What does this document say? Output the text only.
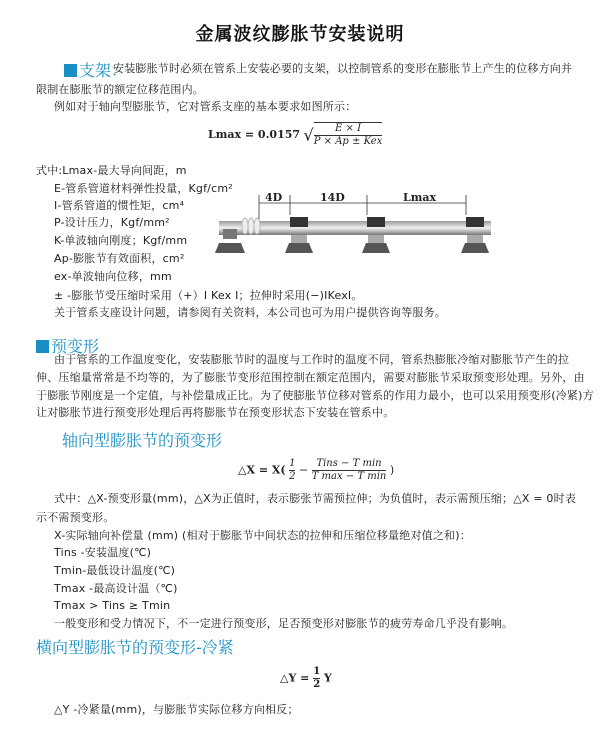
金属波纹膨胀节安装说明
支架：
安装膨胀节时必须在管系上安装必要的支架，以控制管系的变形在膨胀节上产生的位移方向并
限制在膨胀节的额定位移范围内。
例如对于轴向型膨胀节，它对管系支座的基本要求如图所示：
Lmax = 0.0157 √	E × I
P × Ap ± Kex
式中:Lmax-最大导向间距，m
E-管系管道材料弹性投量，Kgf/cm²
I-管系管道的惯性矩，cm⁴
P-设计压力，Kgf/mm²
K-单波轴向刚度；Kgf/mm
Ap-膨胀节有效面积，cm²
ex-单波轴向位移，mm
± -膨胀节受压缩时采用（+）I Kex I；拉伸时采用(−)IKexI。
关于管系支座设计问题，请参阅有关资料，本公司也可为用户提供咨询等服务。
4D	14D	Lmax
预变形
由于管系的工作温度变化，安装膨胀节时的温度与工作时的温度不同，管系热膨胀冷缩对膨胀节产生的拉
伸、压缩量常常是不均等的，为了膨胀节变形范围控制在额定范围内，需要对膨胀节采取预变形处理。另外，由
于膨胀节刚度是一个定值，与补偿量成正比。为了使膨胀节位移对管系的作用力最小，也可以采用预变形(冷紧)方
让对膨胀节进行预变形处理后再将膨胀节在预变形状态下安装在管系中。
轴向型膨胀节的预变形
△X = $X( \frac{1}{2}$ − Tins − T min
T max − T min )
式中：△X-预变形量(mm)，△X为正值时，表示膨张节需预拉伸；为负值时，表示需预压缩；△X = 0时表
示不需预变形。
X-实际轴向补偿量 (mm) (相对于膨胀节中间状态的拉伸和压缩位移量绝对值之和)：
Tins -安装温度(℃)
Tmin-最低设计温度(℃)
Tmax -最高设计温（℃)
Tmax > Tins ≥ Tmin
一般变形和受力情况下，不一定进行预变形，足否预变形对膨胀节的疲劳寿命几乎没有影响。
横向型膨胀节的预变形-冷紧
△Y = $\frac{1}{2}$ Y
△Y -冷紧量(mm)，与膨胀节实际位移方向相反；
